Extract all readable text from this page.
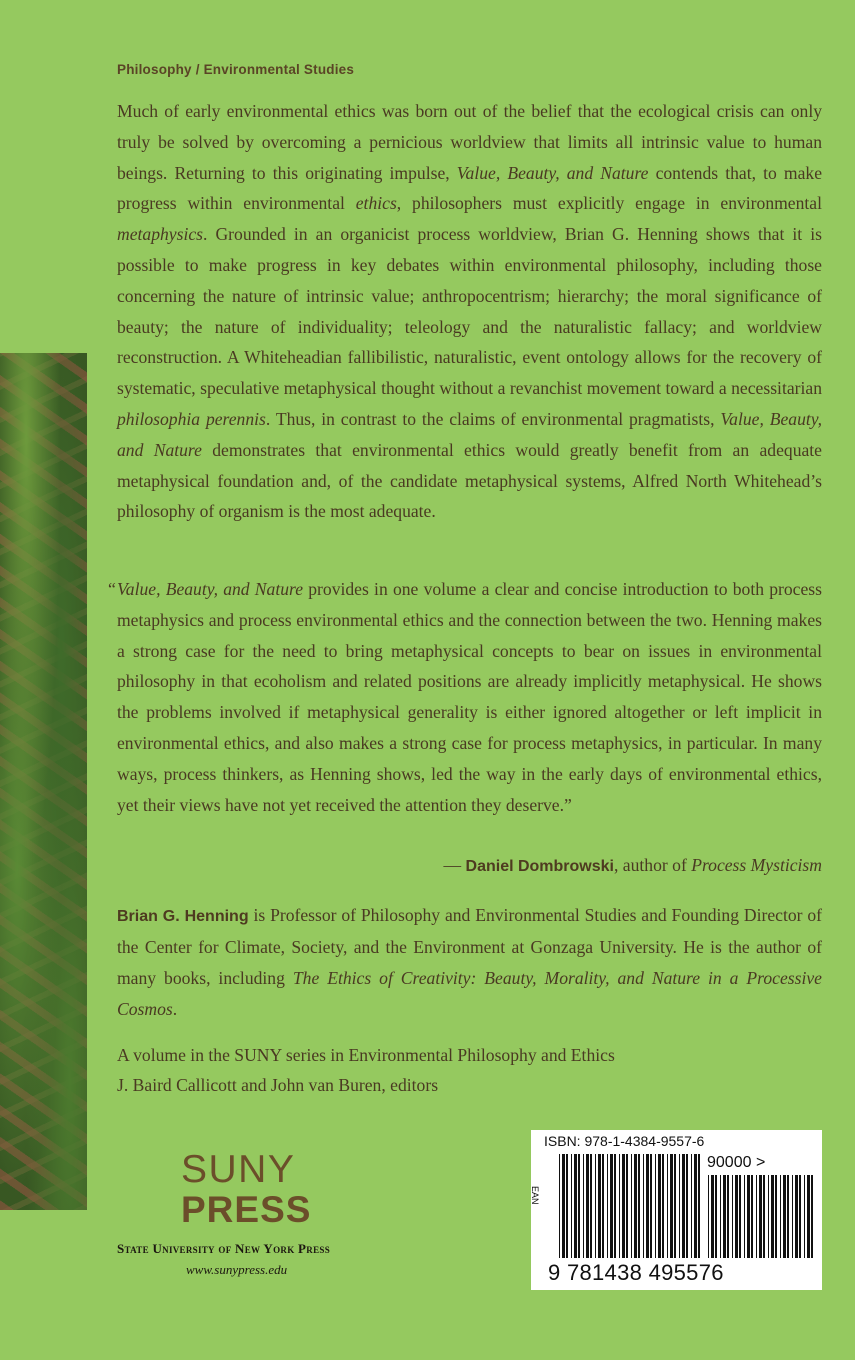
Philosophy / Environmental Studies

Much of early environmental ethics was born out of the belief that the ecological crisis can only truly be solved by overcoming a pernicious worldview that limits all intrinsic value to human beings. Returning to this originating impulse, Value, Beauty, and Nature contends that, to make progress within environmental ethics, philosophers must explicitly engage in environmental metaphysics. Grounded in an organicist process worldview, Brian G. Henning shows that it is possible to make progress in key debates within environmental philosophy, including those concerning the nature of intrinsic value; anthropocentrism; hierarchy; the moral significance of beauty; the nature of individuality; teleology and the naturalistic fallacy; and worldview reconstruction. A Whiteheadian fallibilistic, naturalistic, event ontology allows for the recovery of systematic, speculative metaphysical thought without a revanchist movement toward a necessitarian philosophia perennis. Thus, in contrast to the claims of environmental pragmatists, Value, Beauty, and Nature demonstrates that environmental ethics would greatly benefit from an adequate metaphysical foundation and, of the candidate metaphysical systems, Alfred North Whitehead’s philosophy of organism is the most adequate.

“ Value, Beauty, and Nature provides in one volume a clear and concise introduction to both process metaphysics and process environmental ethics and the connection between the two. Henning makes a strong case for the need to bring metaphysical concepts to bear on issues in environmental philosophy in that ecoholism and related positions are already implicitly metaphysical. He shows the problems involved if metaphysical generality is either ignored altogether or left implicit in environmental ethics, and also makes a strong case for process metaphysics, in particular. In many ways, process thinkers, as Henning shows, led the way in the early days of environmental ethics, yet their views have not yet received the attention they deserve.”

— Daniel Dombrowski, author of Process Mysticism

Brian G. Henning is Professor of Philosophy and Environmental Studies and Founding Director of the Center for Climate, Society, and the Environment at Gonzaga University. He is the author of many books, including The Ethics of Creativity: Beauty, Morality, and Nature in a Processive Cosmos.

A volume in the SUNY series in Environmental Philosophy and Ethics
J. Baird Callicott and John van Buren, editors

SUNY

PRESS

State University of New York Press

www.sunypress.edu

ISBN: 978-1-4384-9557-6

EAN

90000 >

9 781438 495576
